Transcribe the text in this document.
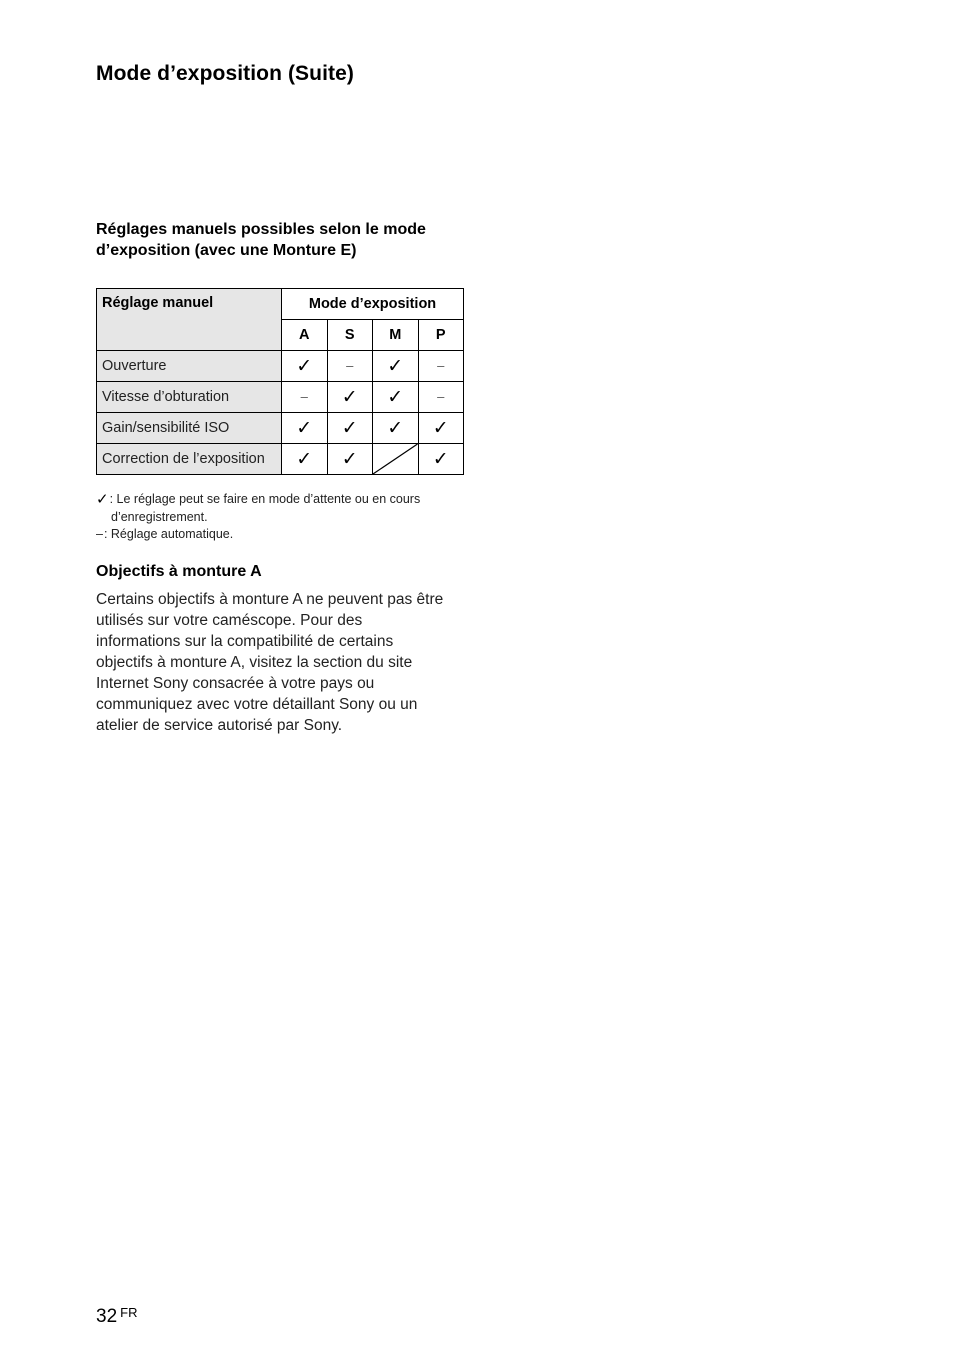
Mode d’exposition (Suite)
Réglages manuels possibles selon le mode
d’exposition (avec une Monture E)
Réglage manuel	Mode d’exposition			
	A	S	M	P
Ouverture	✓	–	✓	–
Vitesse d’obturation	–	✓	✓	–
Gain/sensibilité ISO	✓	✓	✓	✓
Correction de l’exposition	✓	✓		✓
✓ : Le réglage peut se faire en mode d’attente ou en cours
d’enregistrement.
– : Réglage automatique.
Objectifs à monture A

Certains objectifs à monture A ne peuvent pas être
utilisés sur votre caméscope. Pour des
informations sur la compatibilité de certains
objectifs à monture A, visitez la section du site
Internet Sony consacrée à votre pays ou
communiquez avec votre détaillant Sony ou un
atelier de service autorisé par Sony.

32 $^{FR}$
